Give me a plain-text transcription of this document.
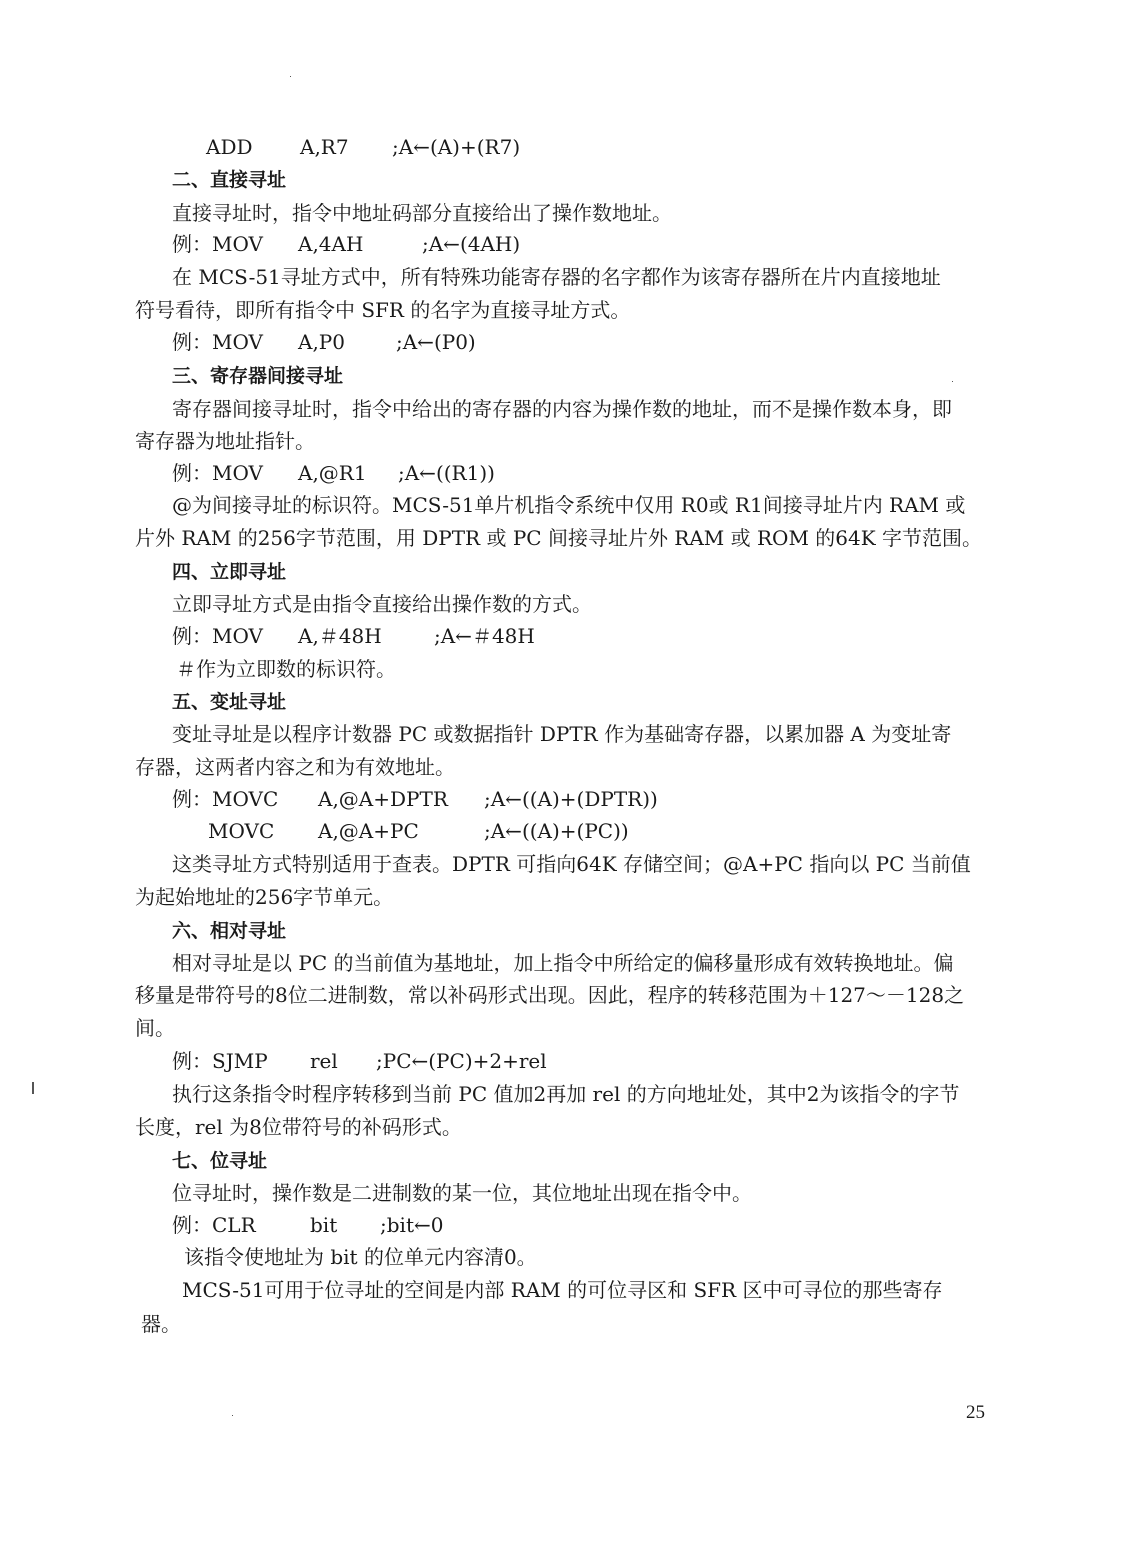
ADD A,R7 ;A←(A)+(R7)
二、直接寻址
直接寻址时，指令中地址码部分直接给出了操作数地址。
例：MOV A,4AH	;A←(4AH)
在 MCS-51寻址方式中，所有特殊功能寄存器的名字都作为该寄存器所在片内直接地址
符号看待，即所有指令中 SFR 的名字为直接寻址方式。
例：MOV A,P0	;A←(P0)
三、寄存器间接寻址
寄存器间接寻址时，指令中给出的寄存器的内容为操作数的地址，而不是操作数本身，即
寄存器为地址指针。
例：MOV A,@R1 ;A←((R1))
@为间接寻址的标识符。MCS-51单片机指令系统中仅用 R0或 R1间接寻址片内 RAM 或
片外 RAM 的256字节范围，用 DPTR 或 PC 间接寻址片外 RAM 或 ROM 的64K 字节范围。
四、立即寻址
立即寻址方式是由指令直接给出操作数的方式。
例：MOV A,＃48H	;A←＃48H
＃作为立即数的标识符。
五、变址寻址
变址寻址是以程序计数器 PC 或数据指针 DPTR 作为基础寄存器，以累加器 A 为变址寄
存器，这两者内容之和为有效地址。
例：MOVC A,@A+DPTR ;A←((A)+(DPTR))
MOVC A,@A+PC	;A←((A)+(PC))
这类寻址方式特别适用于查表。DPTR 可指向64K 存储空间；@A+PC 指向以 PC 当前值
为起始地址的256字节单元。
六、相对寻址
相对寻址是以 PC 的当前值为基地址，加上指令中所给定的偏移量形成有效转换地址。偏
移量是带符号的8位二进制数，常以补码形式出现。因此，程序的转移范围为＋127～－128之
间。
例：SJMP rel ;PC←(PC)+2+rel
执行这条指令时程序转移到当前 PC 值加2再加 rel 的方向地址处，其中2为该指令的字节
长度，rel 为8位带符号的补码形式。
七、位寻址
位寻址时，操作数是二进制数的某一位，其位地址出现在指令中。
例：CLR	bit ;bit←0
该指令使地址为 bit 的位单元内容清0。
MCS-51可用于位寻址的空间是内部 RAM 的可位寻区和 SFR 区中可寻位的那些寄存
器。
25
